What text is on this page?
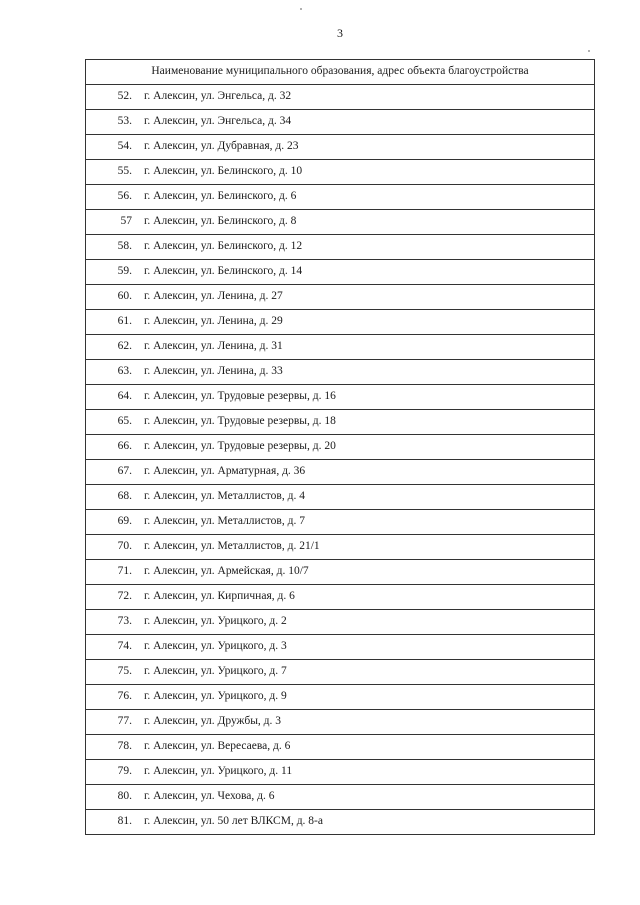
3
Наименование муниципального образования, адрес объекта благоустройства
52. г. Алексин, ул. Энгельса, д. 32
53. г. Алексин, ул. Энгельса, д. 34
54. г. Алексин, ул. Дубравная, д. 23
55. г. Алексин, ул. Белинского, д. 10
56. г. Алексин, ул. Белинского, д. 6
57 г. Алексин, ул. Белинского, д. 8
58. г. Алексин, ул. Белинского, д. 12
59. г. Алексин, ул. Белинского, д. 14
60. г. Алексин, ул. Ленина, д. 27
61. г. Алексин, ул. Ленина, д. 29
62. г. Алексин, ул. Ленина, д. 31
63. г. Алексин, ул. Ленина, д. 33
64. г. Алексин, ул. Трудовые резервы, д. 16
65. г. Алексин, ул. Трудовые резервы, д. 18
66. г. Алексин, ул. Трудовые резервы, д. 20
67. г. Алексин, ул. Арматурная, д. 36
68. г. Алексин, ул. Металлистов, д. 4
69. г. Алексин, ул. Металлистов, д. 7
70. г. Алексин, ул. Металлистов, д. 21/1
71. г. Алексин, ул. Армейская, д. 10/7
72. г. Алексин, ул. Кирпичная, д. 6
73. г. Алексин, ул. Урицкого, д. 2
74. г. Алексин, ул. Урицкого, д. 3
75. г. Алексин, ул. Урицкого, д. 7
76. г. Алексин, ул. Урицкого, д. 9
77. г. Алексин, ул. Дружбы, д. 3
78. г. Алексин, ул. Вересаева, д. 6
79. г. Алексин, ул. Урицкого, д. 11
80. г. Алексин, ул. Чехова, д. 6
81. г. Алексин, ул. 50 лет ВЛКСМ, д. 8-а
